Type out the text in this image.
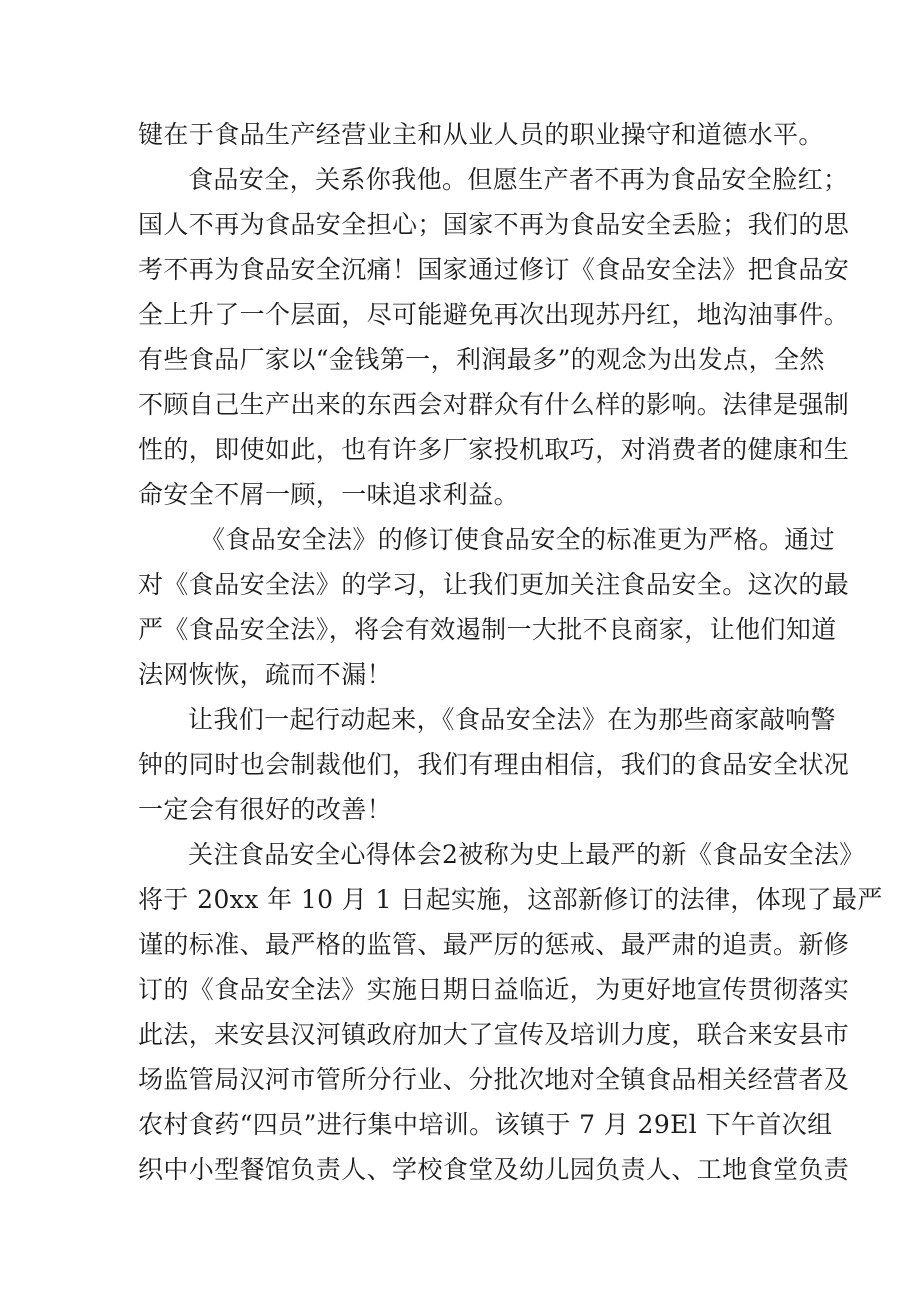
键在于食品生产经营业主和从业人员的职业操守和道德水平。
食品安全，关系你我他。但愿生产者不再为食品安全脸红；
国人不再为食品安全担心；国家不再为食品安全丢脸；我们的思
考不再为食品安全沉痛！国家通过修订《食品安全法》把食品安
全上升了一个层面，尽可能避免再次出现苏丹红，地沟油事件。
有些食品厂家以“金钱第一，利润最多”的观念为出发点，全然
不顾自己生产出来的东西会对群众有什么样的影响。法律是强制
性的，即使如此，也有许多厂家投机取巧，对消费者的健康和生
命安全不屑一顾，一味追求利益。
《食品安全法》的修订使食品安全的标准更为严格。通过
对《食品安全法》的学习，让我们更加关注食品安全。这次的最
严《食品安全法》，将会有效遏制一大批不良商家，让他们知道
法网恢恢，疏而不漏！
让我们一起行动起来，《食品安全法》在为那些商家敲响警
钟的同时也会制裁他们，我们有理由相信，我们的食品安全状况
一定会有很好的改善！
关注食品安全心得体会2被称为史上最严的新《食品安全法》
将于 20xx 年 10 月 1 日起实施，这部新修订的法律，体现了最严
谨的标准、最严格的监管、最严厉的惩戒、最严肃的追责。新修
订的《食品安全法》实施日期日益临近，为更好地宣传贯彻落实
此法，来安县汉河镇政府加大了宣传及培训力度，联合来安县市
场监管局汉河市管所分行业、分批次地对全镇食品相关经营者及
农村食药“四员”进行集中培训。该镇于 7 月 29El 下午首次组
织中小型餐馆负责人、学校食堂及幼儿园负责人、工地食堂负责
